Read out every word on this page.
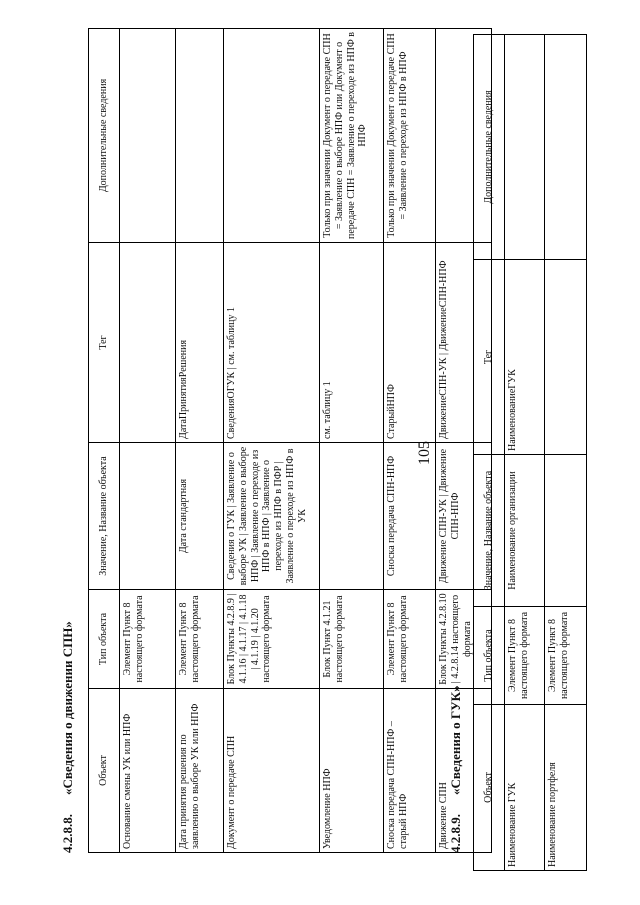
105
4.2.8.8.«Сведения о движении СПН» Объект	Тип объекта	Значение, Название объекта	Тег	Дополнительные сведения
Основание смены УК или НПФ	Элемент Пункт 8 настоящего формата			
Дата принятия решения по заявлению о выборе УК или НПФ	Элемент Пункт 8 настоящего формата	Дата стандартная	ДатаПринятияРешения	
Документ о передаче СПН	Блок Пункты 4.2.8.9 | 4.1.16 | 4.1.17 | 4.1.18 | 4.1.19 | 4.1.20 настоящего формата	Сведения о ГУК | Заявление о выборе УК | Заявление о выборе НПФ | Заявление о переходе из НПФ в НПФ | Заявление о переходе из НПФ в ПФР | Заявление о переходе из НПФ в УК	СведенияОГУК | см. таблицу 1	
Уведомление НПФ	Блок Пункт 4.1.21 настоящего формата		см. таблицу 1	Только при значении Документ о передаче СПН = Заявление о выборе НПФ или Документ о передаче СПН = Заявление о переходе из НПФ в НПФ
Сноска передача СПН-НПФ – старый НПФ	Элемент Пункт 8 настоящего формата	Сноска передача СПН-НПФ	СтарыйНПФ	Только при значении Документ о передаче СПН = Заявление о переходе из НПФ в НПФ
Движение СПН	Блок Пункты 4.2.8.10 | 4.2.8.14 настоящего формата	Движение СПН-УК | Движение СПН-НПФ	ДвижениеСПН-УК | ДвижениеСПН-НПФ	
4.2.8.9.«Сведения о ГУК» Объект	Тип объекта	Значение, Название объекта	Тег	Дополнительные сведения
Наименование ГУК	Элемент Пункт 8 настоящего формата	Наименование организации	НаименованиеГУК	
Наименование портфеля	Элемент Пункт 8 настоящего формата			
